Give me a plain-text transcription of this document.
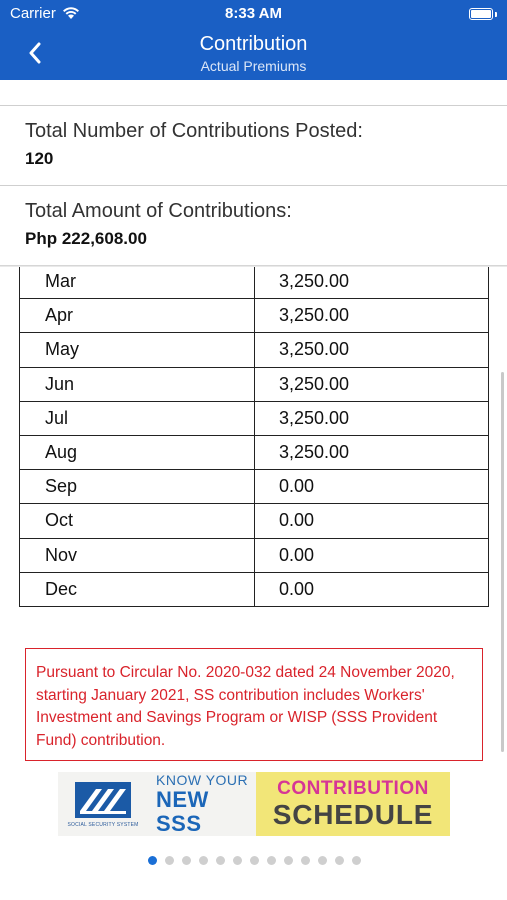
Carrier	8:33 AM
Contribution
Actual Premiums
Total Number of Contributions Posted:
120
Total Amount of Contributions:
Php 222,608.00
Mar	3,250.00
Apr	3,250.00
May	3,250.00
Jun	3,250.00
Jul	3,250.00
Aug	3,250.00
Sep	0.00
Oct	0.00
Nov	0.00
Dec	0.00
Pursuant to Circular No. 2020-032 dated 24 November 2020, starting January 2021, SS contribution includes Workers' Investment and Savings Program or WISP (SSS Provident Fund) contribution.
SOCIAL SECURITY SYSTEM
KNOW YOUR
NEW SSS
CONTRIBUTION
SCHEDULE
